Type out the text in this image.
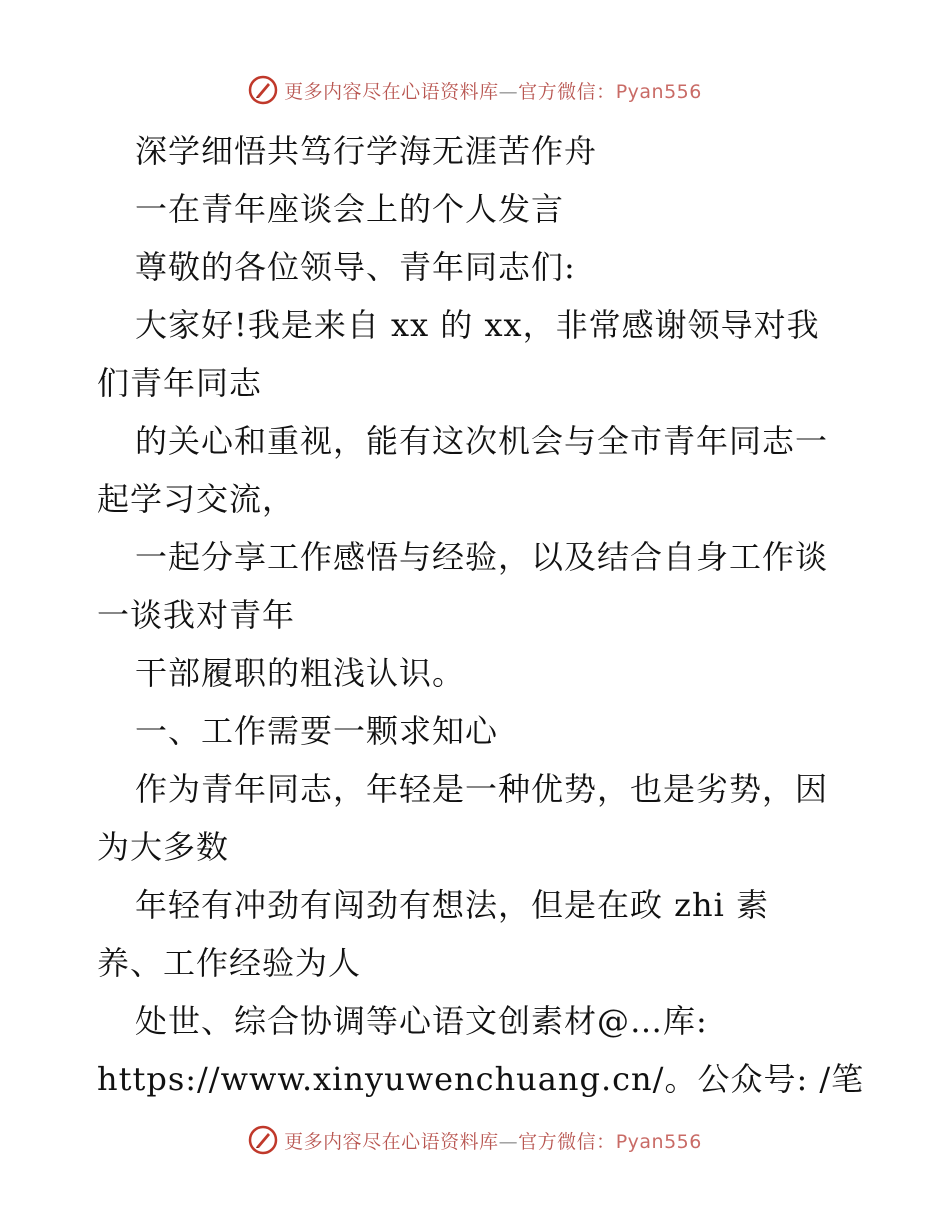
更多内容尽在心语资料库—官方微信：Pyan556
深学细悟共笃行学海无涯苦作舟
一在青年座谈会上的个人发言
尊敬的各位领导、青年同志们:
大家好!我是来自 xx 的 xx，非常感谢领导对我
们青年同志
的关心和重视，能有这次机会与全市青年同志一
起学习交流，
一起分享工作感悟与经验，以及结合自身工作谈
一谈我对青年
干部履职的粗浅认识。
一、工作需要一颗求知心
作为青年同志，年轻是一种优势，也是劣势，因
为大多数
年轻有冲劲有闯劲有想法，但是在政 zhi 素
养、工作经验为人
处世、综合协调等心语文创素材@…库:
https://www.xinyuwenchuang.cn/。公众号: /笔
更多内容尽在心语资料库—官方微信：Pyan556
